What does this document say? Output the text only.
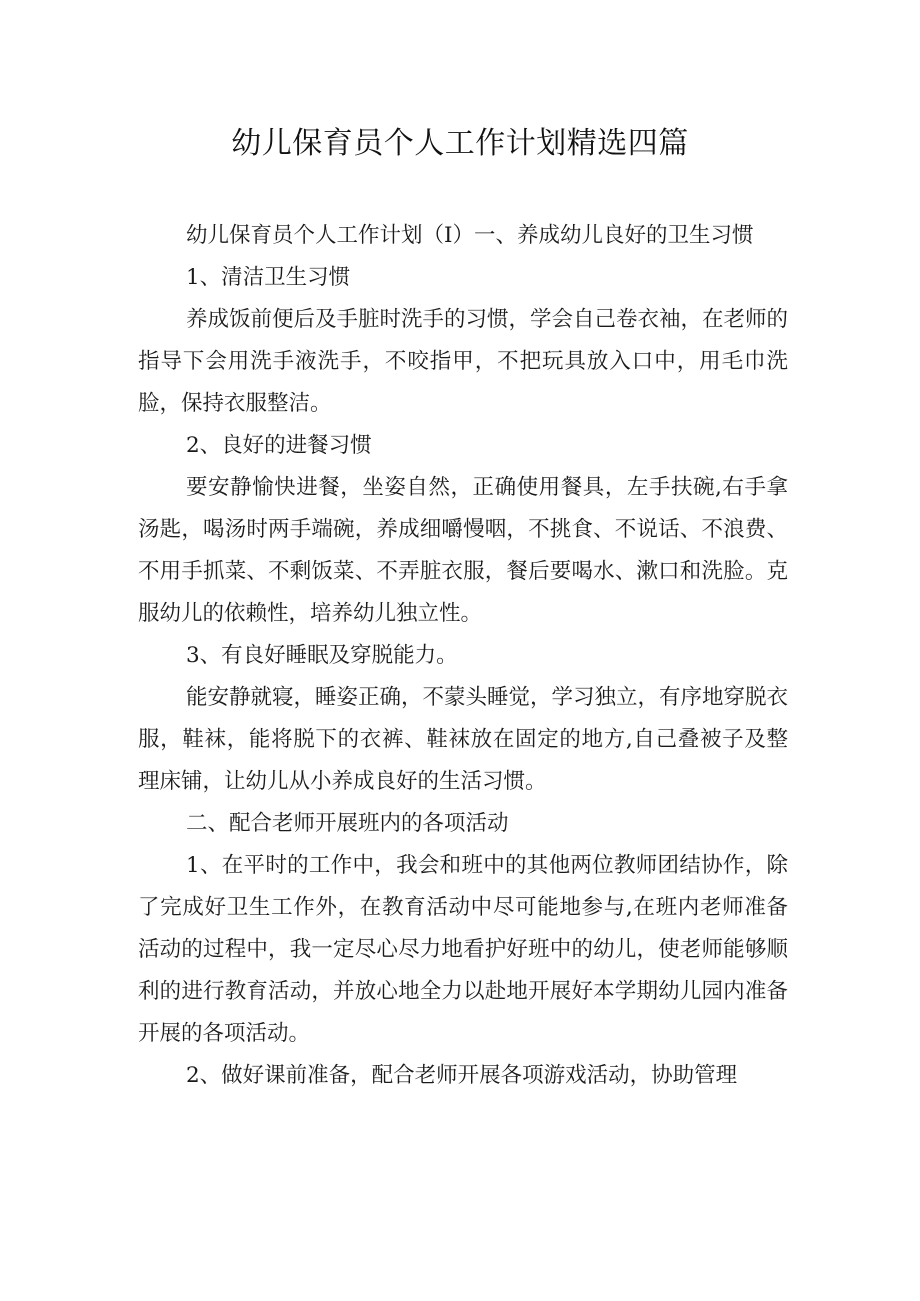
幼儿保育员个人工作计划精选四篇

幼儿保育员个人工作计划（I）一、养成幼儿良好的卫生习惯

1、清洁卫生习惯

养成饭前便后及手脏时洗手的习惯，学会自己卷衣袖，在老师的指导下会用洗手液洗手，不咬指甲，不把玩具放入口中，用毛巾洗脸，保持衣服整洁。

2、良好的进餐习惯

要安静愉快进餐，坐姿自然，正确使用餐具，左手扶碗,右手拿汤匙，喝汤时两手端碗，养成细嚼慢咽，不挑食、不说话、不浪费、不用手抓菜、不剩饭菜、不弄脏衣服，餐后要喝水、漱口和洗脸。克服幼儿的依赖性，培养幼儿独立性。

3、有良好睡眠及穿脱能力。

能安静就寝，睡姿正确，不蒙头睡觉，学习独立，有序地穿脱衣服，鞋袜，能将脱下的衣裤、鞋袜放在固定的地方,自己叠被子及整理床铺，让幼儿从小养成良好的生活习惯。

二、配合老师开展班内的各项活动

1、在平时的工作中，我会和班中的其他两位教师团结协作，除了完成好卫生工作外，在教育活动中尽可能地参与,在班内老师准备活动的过程中，我一定尽心尽力地看护好班中的幼儿，使老师能够顺利的进行教育活动，并放心地全力以赴地开展好本学期幼儿园内准备开展的各项活动。

2、做好课前准备，配合老师开展各项游戏活动，协助管理
